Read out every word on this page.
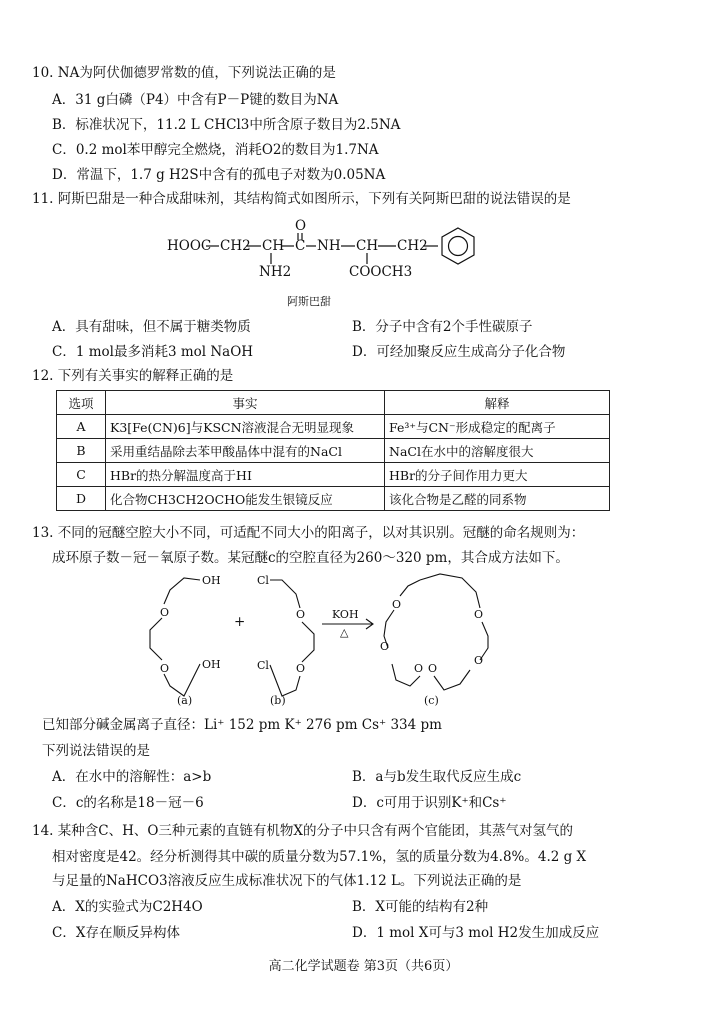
10. NA为阿伏伽德罗常数的值，下列说法正确的是
A．31 g白磷（P4）中含有P－P键的数目为NA
B．标准状况下，11.2 L CHCl3中所含原子数目为2.5NA
C．0.2 mol苯甲醇完全燃烧，消耗O2的数目为1.7NA
D．常温下，1.7 g H2S中含有的孤电子对数为0.05NA
11. 阿斯巴甜是一种合成甜味剂，其结构简式如图所示，下列有关阿斯巴甜的说法错误的是
HOOC CH2 CH C
O
NH CH CH2
NH2	COOCH3
阿斯巴甜
A．具有甜味，但不属于糖类物质	B．分子中含有2个手性碳原子
C．1 mol最多消耗3 mol NaOH	D．可经加聚反应生成高分子化合物
12. 下列有关事实的解释正确的是
选项	事实	解释
A	K3[Fe(CN)6]与KSCN溶液混合无明显现象	Fe³⁺与CN⁻形成稳定的配离子
B	采用重结晶除去苯甲酸晶体中混有的NaCl	NaCl在水中的溶解度很大
C	HBr的热分解温度高于HI	HBr的分子间作用力更大
D	化合物CH3CH2OCHO能发生银镜反应	该化合物是乙醛的同系物
13. 不同的冠醚空腔大小不同，可适配不同大小的阳离子，以对其识别。冠醚的命名规则为：
成环原子数－冠－氧原子数。某冠醚c的空腔直径为260～320 pm，其合成方法如下。
OH
O
O	OH
+
Cl
O
O
Cl
KOH
△
O
O
O
O
O
O
(a)	(b)	(c)
已知部分碱金属离子直径：Li⁺ 152 pm K⁺ 276 pm Cs⁺ 334 pm
下列说法错误的是
A．在水中的溶解性：a>b	B．a与b发生取代反应生成c
C．c的名称是18－冠－6	D．c可用于识别K⁺和Cs⁺
14. 某种含C、H、O三种元素的直链有机物X的分子中只含有两个官能团，其蒸气对氢气的
相对密度是42。经分析测得其中碳的质量分数为57.1%，氢的质量分数为4.8%。4.2 g X
与足量的NaHCO3溶液反应生成标准状况下的气体1.12 L。下列说法正确的是
A．X的实验式为C2H4O	B．X可能的结构有2种
C．X存在顺反异构体	D．1 mol X可与3 mol H2发生加成反应
高二化学试题卷 第3页（共6页）
